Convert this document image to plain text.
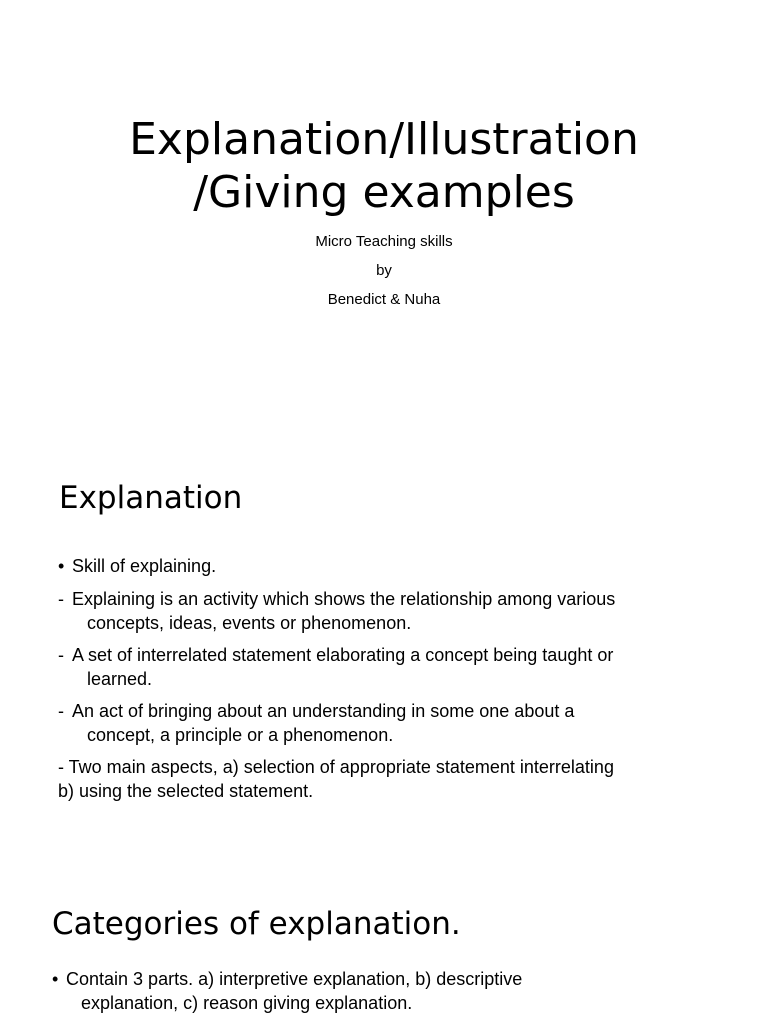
Explanation/Illustration
/Giving examples
Micro Teaching skills
by
Benedict & Nuha
Explanation
• Skill of explaining.
- Explaining is an activity which shows the relationship among various
concepts, ideas, events or phenomenon.
- A set of interrelated statement elaborating a concept being taught or
learned.
- An act of bringing about an understanding in some one about a
concept, a principle or a phenomenon.
- Two main aspects, a) selection of appropriate statement interrelating
b) using the selected statement.
Categories of explanation.
• Contain 3 parts. a) interpretive explanation, b) descriptive
explanation, c) reason giving explanation.
